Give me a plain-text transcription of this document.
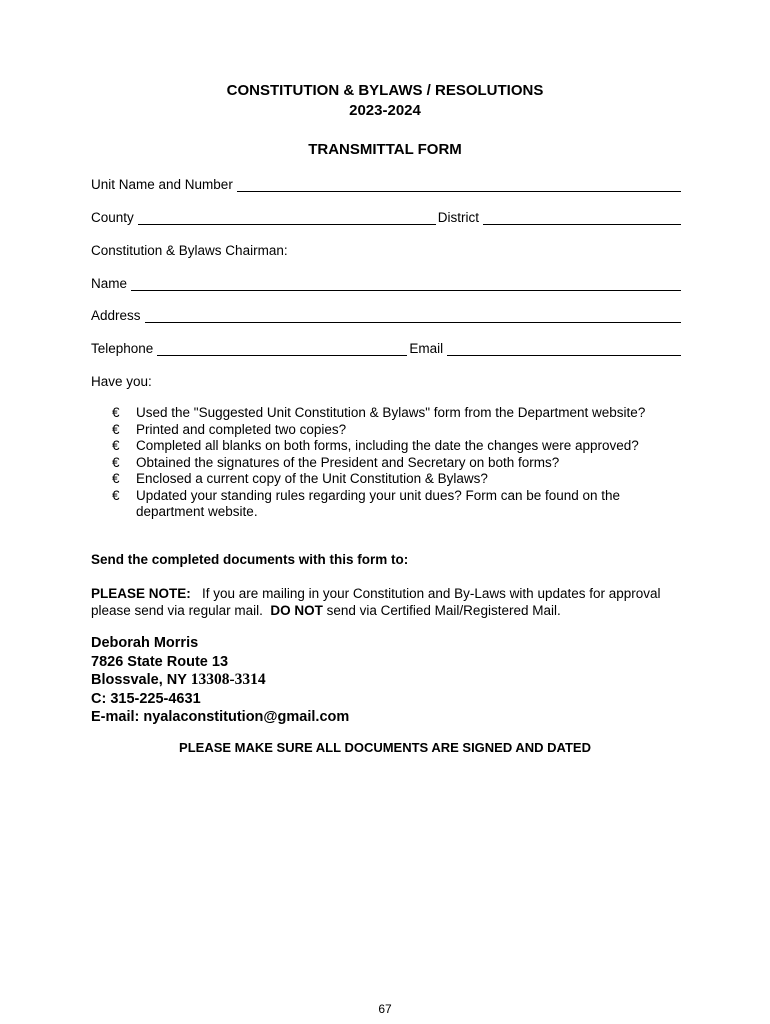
CONSTITUTION & BYLAWS / RESOLUTIONS
2023-2024
TRANSMITTAL FORM
Unit Name and Number
County	District
Constitution & Bylaws Chairman:
Name
Address
Telephone	Email
Have you:
€	Used the "Suggested Unit Constitution & Bylaws" form from the Department website?
€	Printed and completed two copies?
€	Completed all blanks on both forms, including the date the changes were approved?
€	Obtained the signatures of the President and Secretary on both forms?
€	Enclosed a current copy of the Unit Constitution & Bylaws?
€	Updated your standing rules regarding your unit dues? Form can be found on the department website.
Send the completed documents with this form to:
PLEASE NOTE: If you are mailing in your Constitution and By-Laws with updates for approval please send via regular mail. DO NOT send via Certified Mail/Registered Mail.
Deborah Morris
7826 State Route 13
Blossvale, NY 13308-3314
C: 315-225-4631
E-mail: nyalaconstitution@gmail.com
PLEASE MAKE SURE ALL DOCUMENTS ARE SIGNED AND DATED
67
